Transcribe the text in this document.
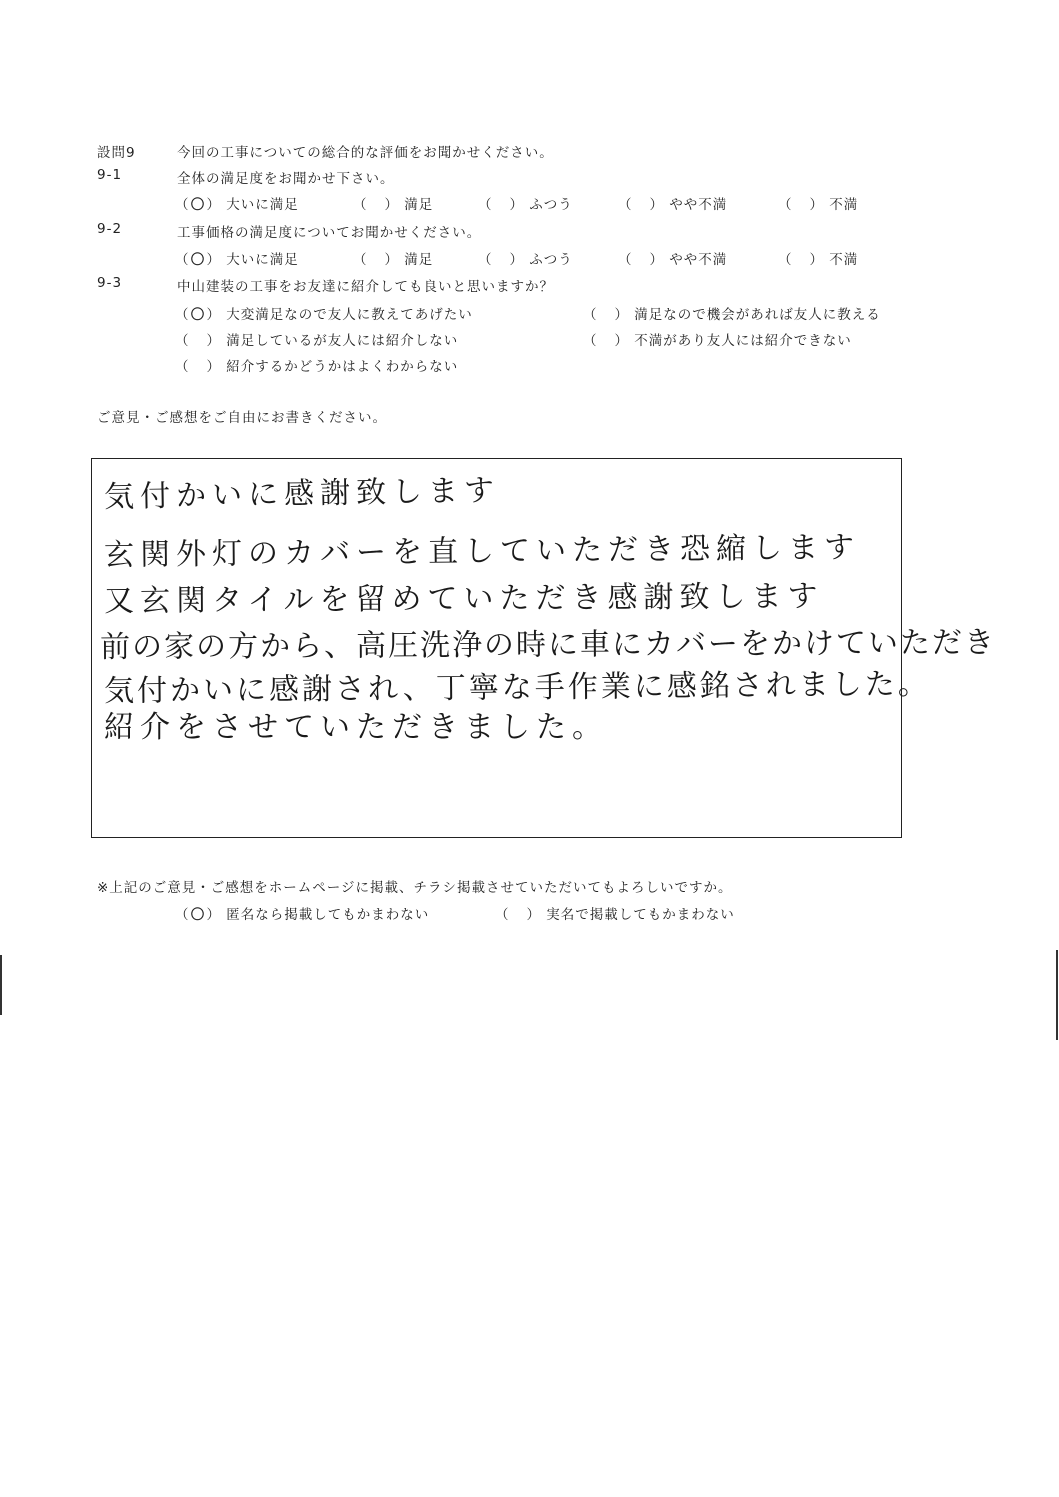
設問9	今回の工事についての総合的な評価をお聞かせください。
9-1	全体の満足度をお聞かせ下さい。
（ 〇 ） 大いに満足	（ ） 満足	（ ） ふつう	（ ） やや不満	（ ） 不満
9-2	工事価格の満足度についてお聞かせください。
（ 〇 ） 大いに満足	（ ） 満足	（ ） ふつう	（ ） やや不満	（ ） 不満
9-3	中山建装の工事をお友達に紹介しても良いと思いますか？
（ 〇 ） 大変満足なので友人に教えてあげたい	（ ） 満足なので機会があれば友人に教える
（ ） 満足しているが友人には紹介しない	（ ） 不満があり友人には紹介できない
（ ） 紹介するかどうかはよくわからない
ご意見・ご感想をご自由にお書きください。
気付かいに感謝致します
玄関外灯のカバーを直していただき恐縮します
又玄関タイルを留めていただき感謝致します
前の家の方から、高圧洗浄の時に車にカバーをかけていただき
気付かいに感謝され、丁寧な手作業に感銘されました。
紹介をさせていただきました。
※上記のご意見・ご感想をホームページに掲載、チラシ掲載させていただいてもよろしいですか。
（ 〇 ） 匿名なら掲載してもかまわない	（ ） 実名で掲載してもかまわない
